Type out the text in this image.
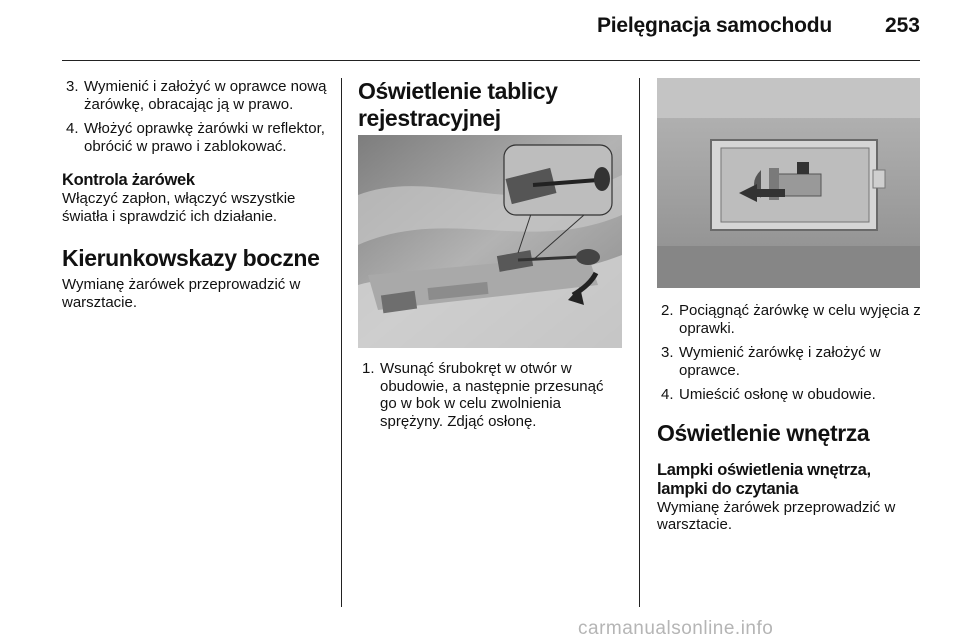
Pielęgnacja samochodu	253
3. Wymienić i założyć w oprawce nową żarówkę, obracając ją w prawo.
4. Włożyć oprawkę żarówki w reflektor, obrócić w prawo i zablokować.
Kontrola żarówek

Włączyć zapłon, włączyć wszystkie światła i sprawdzić ich działanie.

Kierunkowskazy boczne

Wymianę żarówek przeprowadzić w warsztacie.

Oświetlenie tablicy rejestracyjnej
1. Wsunąć śrubokręt w otwór w obudowie, a następnie przesunąć go w bok w celu zwolnienia sprężyny. Zdjąć osłonę.
2. Pociągnąć żarówkę w celu wyjęcia z oprawki.
3. Wymienić żarówkę i założyć w oprawce.
4. Umieścić osłonę w obudowie.
Oświetlenie wnętrza
Lampki oświetlenia wnętrza, lampki do czytania

Wymianę żarówek przeprowadzić w warsztacie.

carmanualsonline.info
